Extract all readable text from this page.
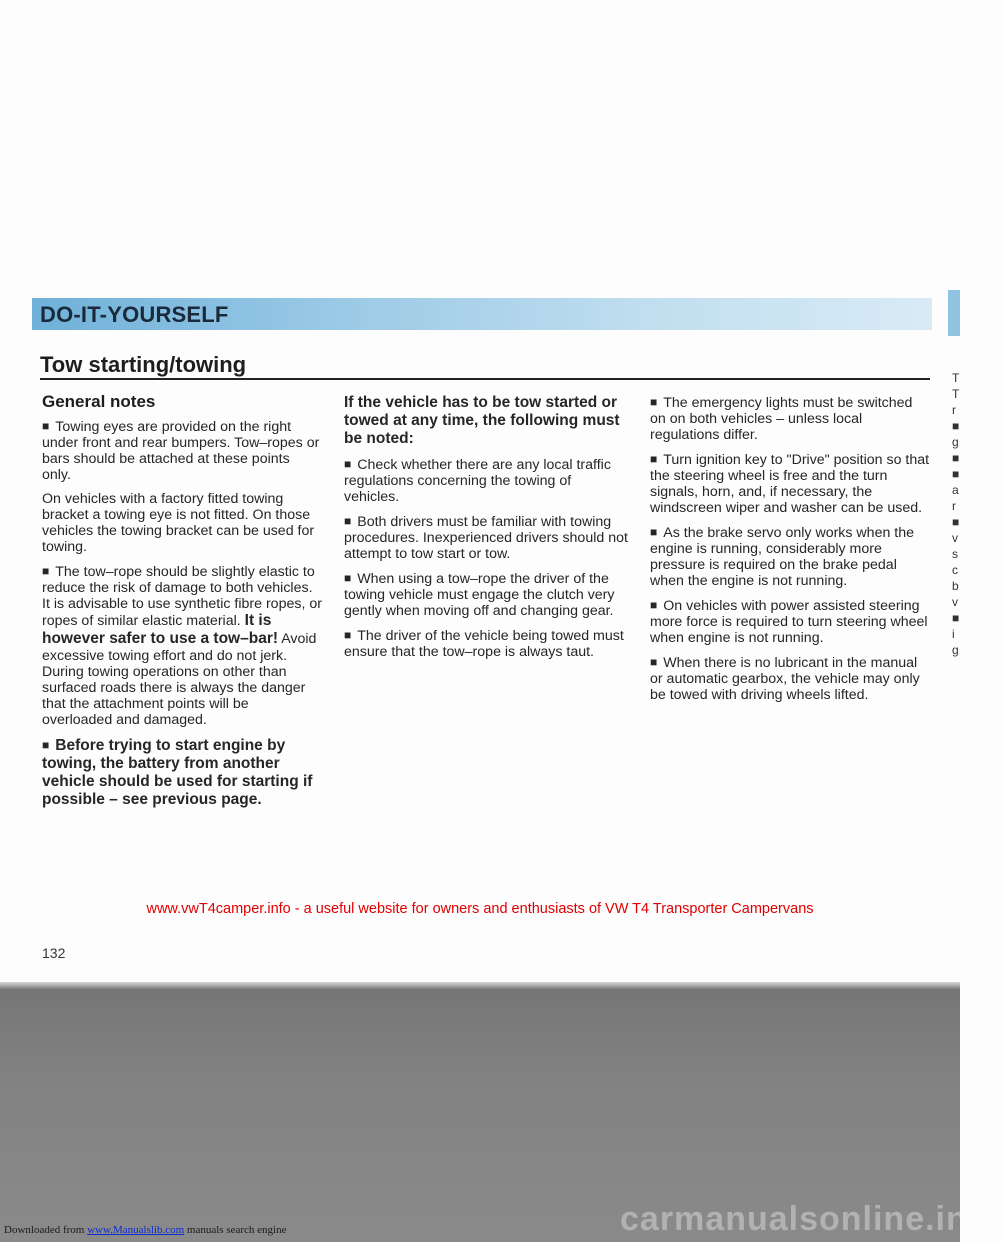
DO-IT-YOURSELF
Tow starting/towing
General notes

■ Towing eyes are provided on the right under front and rear bumpers. Tow–ropes or bars should be attached at these points only.

On vehicles with a factory fitted towing bracket a towing eye is not fitted. On those vehicles the towing bracket can be used for towing.

■ The tow–rope should be slightly elastic to reduce the risk of damage to both vehicles. It is advisable to use synthetic fibre ropes, or ropes of similar elastic material. It is however safer to use a tow–bar! Avoid excessive towing effort and do not jerk. During towing operations on other than surfaced roads there is always the danger that the attachment points will be overloaded and damaged.

■ Before trying to start engine by towing, the battery from another vehicle should be used for starting if possible – see previous page.

If the vehicle has to be tow started or towed at any time, the following must be noted:

■ Check whether there are any local traffic regulations concerning the towing of vehicles.

■ Both drivers must be familiar with towing procedures. Inexperienced drivers should not attempt to tow start or tow.

■ When using a tow–rope the driver of the towing vehicle must engage the clutch very gently when moving off and changing gear.

■ The driver of the vehicle being towed must ensure that the tow–rope is always taut.

■ The emergency lights must be switched on on both vehicles – unless local regulations differ.

■ Turn ignition key to "Drive" position so that the steering wheel is free and the turn signals, horn, and, if necessary, the windscreen wiper and washer can be used.

■ As the brake servo only works when the engine is running, considerably more pressure is required on the brake pedal when the engine is not running.

■ On vehicles with power assisted steering more force is required to turn steering wheel when engine is not running.

■ When there is no lubricant in the manual or automatic gearbox, the vehicle may only be towed with driving wheels lifted.

T T r ■ g ■ ■ a r ■ v s c b v ■ i g
www.vwT4camper.info - a useful website for owners and enthusiasts of VW T4 Transporter Campervans
132
carmanualsonline.info
Downloaded from www.Manualslib.com manuals search engine
